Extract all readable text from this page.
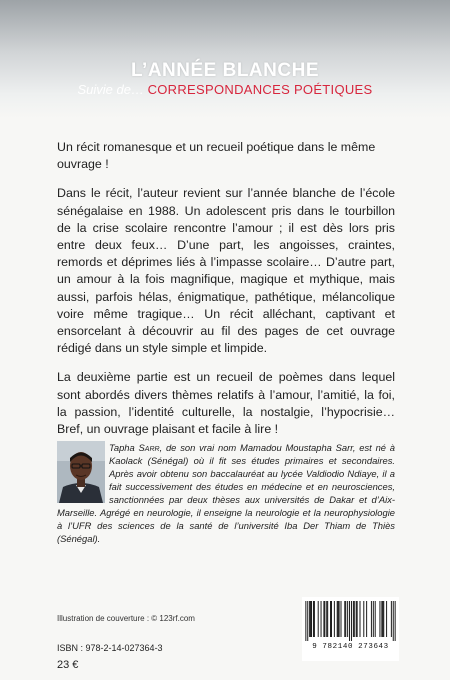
L’ANNÉE BLANCHE
Suivie de… CORRESPONDANCES POÉTIQUES

Un récit romanesque et un recueil poétique dans le même ouvrage !

Dans le récit, l’auteur revient sur l’année blanche de l’école sénégalaise en 1988. Un adolescent pris dans le tourbillon de la crise scolaire rencontre l’amour ; il est dès lors pris entre deux feux… D’une part, les angoisses, craintes, remords et déprimes liés à l’impasse scolaire… D’autre part, un amour à la fois magnifique, magique et mythique, mais aussi, parfois hélas, énigmatique, pathétique, mélancolique voire même tragique… Un récit alléchant, captivant et ensorcelant à découvrir au fil des pages de cet ouvrage rédigé dans un style simple et limpide.

La deuxième partie est un recueil de poèmes dans lequel sont abordés divers thèmes relatifs à l’amour, l’amitié, la foi, la passion, l’identité culturelle, la nostalgie, l’hypocrisie… Bref, un ouvrage plaisant et facile à lire !

Tapha Sarr, de son vrai nom Mamadou Moustapha Sarr, est né à Kaolack (Sénégal) où il fit ses études primaires et secondaires. Après avoir obtenu son baccalauréat au lycée Valdiodio Ndiaye, il a fait successivement des études en médecine et en neurosciences, sanctionnées par deux thèses aux universités de Dakar et d’Aix-Marseille. Agrégé en neurologie, il enseigne la neurologie et la neurophysiologie à l’UFR des sciences de la santé de l’université Iba Der Thiam de Thiès (Sénégal).
Illustration de couverture : © 123rf.com
ISBN : 978-2-14-027364-3
23 €
9 782140 273643
